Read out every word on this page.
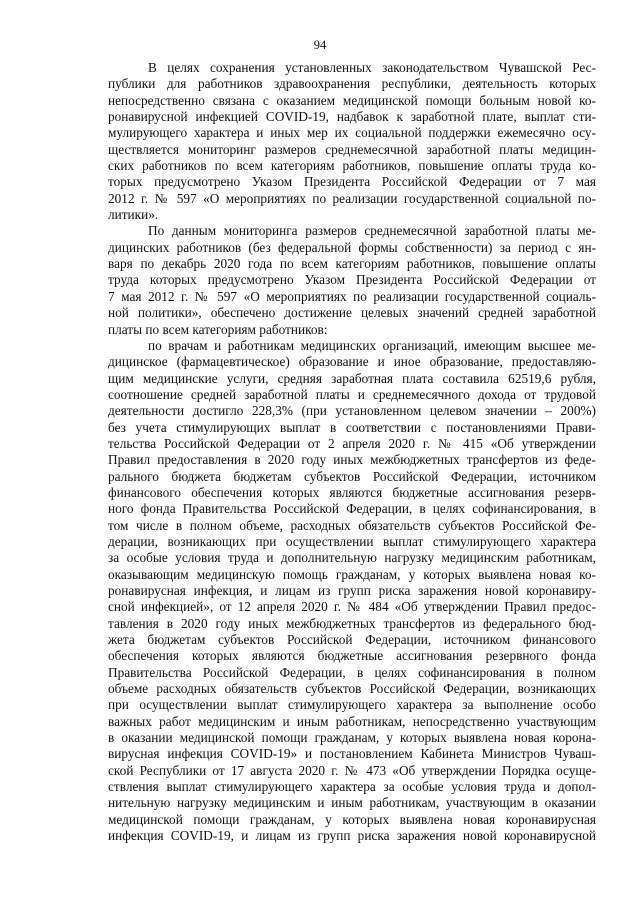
94

В целях сохранения установленных законодательством Чувашской Рес-
публики для работников здравоохранения республики, деятельность которых
непосредственно связана с оказанием медицинской помощи больным новой ко-
ронавирусной инфекцией COVID-19, надбавок к заработной плате, выплат сти-
мулирующего характера и иных мер их социальной поддержки ежемесячно осу-
ществляется мониторинг размеров среднемесячной заработной платы медицин-
ских работников по всем категориям работников, повышение оплаты труда ко-
торых предусмотрено Указом Президента Российской Федерации от 7 мая
2012 г. № 597 «О мероприятиях по реализации государственной социальной по-
литики».

По данным мониторинга размеров среднемесячной заработной платы ме-
дицинских работников (без федеральной формы собственности) за период с ян-
варя по декабрь 2020 года по всем категориям работников, повышение оплаты
труда которых предусмотрено Указом Президента Российской Федерации от
7 мая 2012 г. № 597 «О мероприятиях по реализации государственной социаль-
ной политики», обеспечено достижение целевых значений средней заработной
платы по всем категориям работников:

по врачам и работникам медицинских организаций, имеющим высшее ме-
дицинское (фармацевтическое) образование и иное образование, предоставляю-
щим медицинские услуги, средняя заработная плата составила 62519,6 рубля,
соотношение средней заработной платы и среднемесячного дохода от трудовой
деятельности достигло 228,3% (при установленном целевом значении – 200%)
без учета стимулирующих выплат в соответствии с постановлениями Прави-
тельства Российской Федерации от 2 апреля 2020 г. № 415 «Об утверждении
Правил предоставления в 2020 году иных межбюджетных трансфертов из феде-
рального бюджета бюджетам субъектов Российской Федерации, источником
финансового обеспечения которых являются бюджетные ассигнования резерв-
ного фонда Правительства Российской Федерации, в целях софинансирования, в
том числе в полном объеме, расходных обязательств субъектов Российской Фе-
дерации, возникающих при осуществлении выплат стимулирующего характера
за особые условия труда и дополнительную нагрузку медицинским работникам,
оказывающим медицинскую помощь гражданам, у которых выявлена новая ко-
ронавирусная инфекция, и лицам из групп риска заражения новой коронавиру-
сной инфекцией», от 12 апреля 2020 г. № 484 «Об утверждении Правил предос-
тавления в 2020 году иных межбюджетных трансфертов из федерального бюд-
жета бюджетам субъектов Российской Федерации, источником финансового
обеспечения которых являются бюджетные ассигнования резервного фонда
Правительства Российской Федерации, в целях софинансирования в полном
объеме расходных обязательств субъектов Российской Федерации, возникающих
при осуществлении выплат стимулирующего характера за выполнение особо
важных работ медицинским и иным работникам, непосредственно участвующим
в оказании медицинской помощи гражданам, у которых выявлена новая корона-
вирусная инфекция COVID-19» и постановлением Кабинета Министров Чуваш-
ской Республики от 17 августа 2020 г. № 473 «Об утверждении Порядка осуще-
ствления выплат стимулирующего характера за особые условия труда и допол-
нительную нагрузку медицинским и иным работникам, участвующим в оказании
медицинской помощи гражданам, у которых выявлена новая коронавирусная
инфекция COVID-19, и лицам из групп риска заражения новой коронавирусной
